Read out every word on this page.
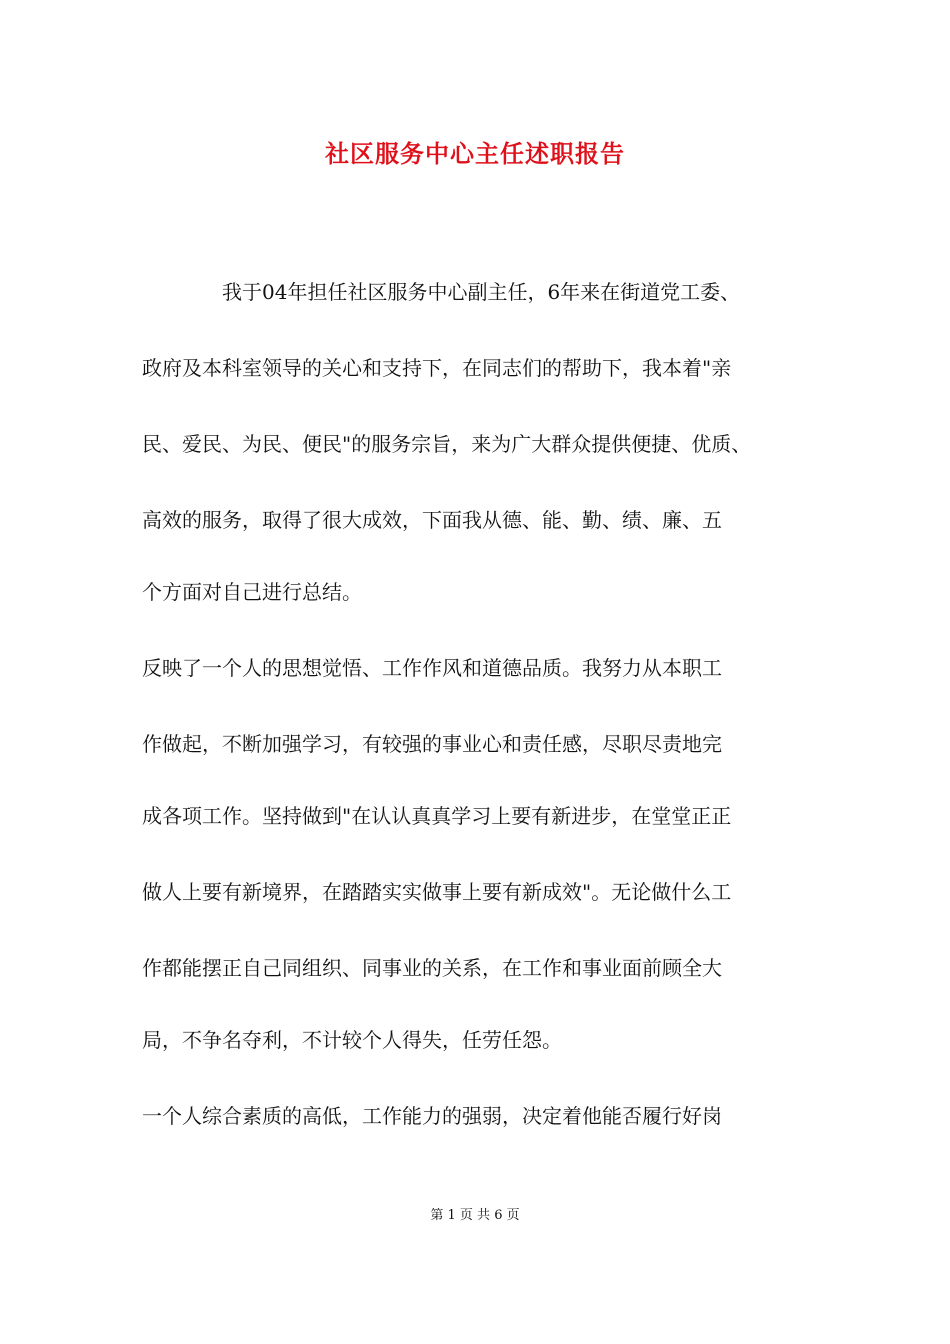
社区服务中心主任述职报告
　　　　我于04年担任社区服务中心副主任，6年来在街道党工委、
政府及本科室领导的关心和支持下，在同志们的帮助下，我本着"亲
民、爱民、为民、便民"的服务宗旨，来为广大群众提供便捷、优质、
高效的服务，取得了很大成效，下面我从德、能、勤、绩、廉、五
个方面对自己进行总结。
反映了一个人的思想觉悟、工作作风和道德品质。我努力从本职工
作做起，不断加强学习，有较强的事业心和责任感，尽职尽责地完
成各项工作。坚持做到"在认认真真学习上要有新进步，在堂堂正正
做人上要有新境界，在踏踏实实做事上要有新成效"。无论做什么工
作都能摆正自己同组织、同事业的关系，在工作和事业面前顾全大
局，不争名夺利，不计较个人得失，任劳任怨。
一个人综合素质的高低，工作能力的强弱，决定着他能否履行好岗
第 1 页 共 6 页
